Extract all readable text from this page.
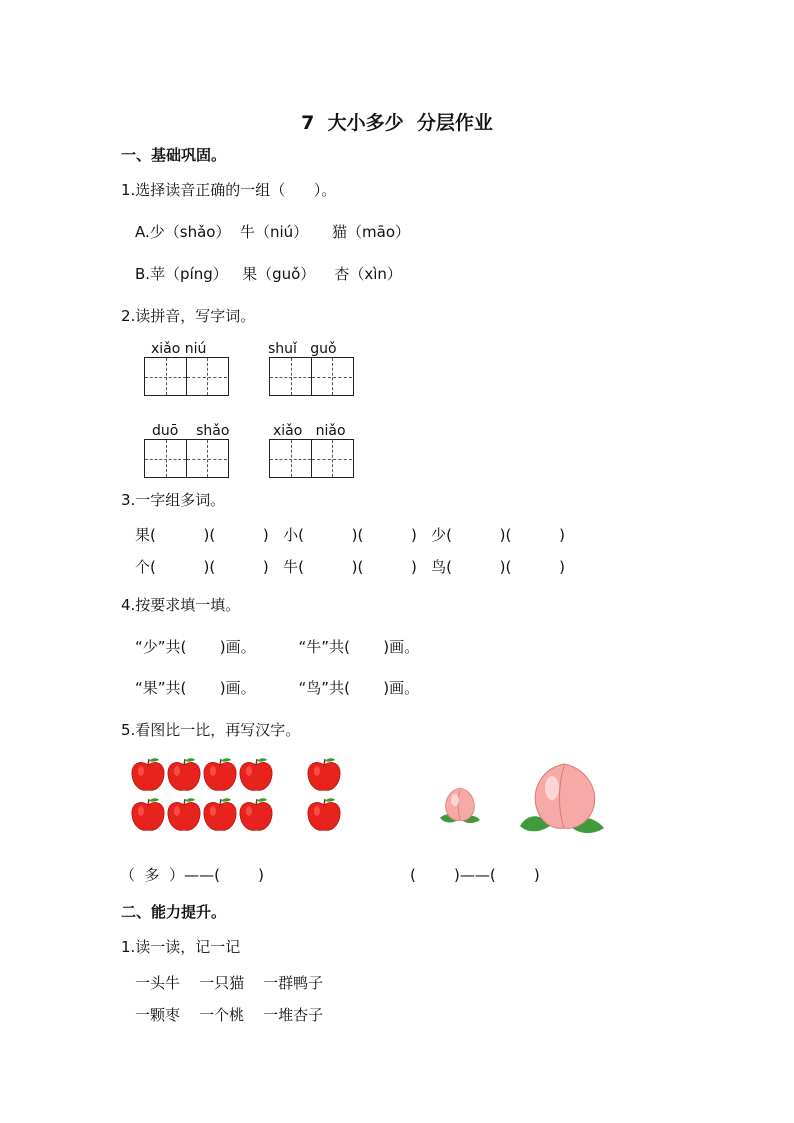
7  大小多少  分层作业
一、基础巩固。
1.选择读音正确的一组（      ）。
A.少（shǎo）  牛（niú）     猫（māo）
B.苹（píng）   果（guǒ）    杏（xìn）
2.读拼音，写字词。
xiǎo niú	shuǐ   guǒ
duō    shǎo	xiǎo   niǎo
3.一字组多词。
果(          )(          )   小(          )(          )   少(          )(          )
个(          )(          )   牛(          )(          )   鸟(          )(          )
4.按要求填一填。
“少”共(       )画。         “牛”共(       )画。
“果”共(       )画。         “鸟”共(       )画。
5.看图比一比，再写汉字。
（  多  ）——(        )	(        )——(        )
二、能力提升。
1.读一读，记一记
一头牛    一只猫    一群鸭子
一颗枣    一个桃    一堆杏子
